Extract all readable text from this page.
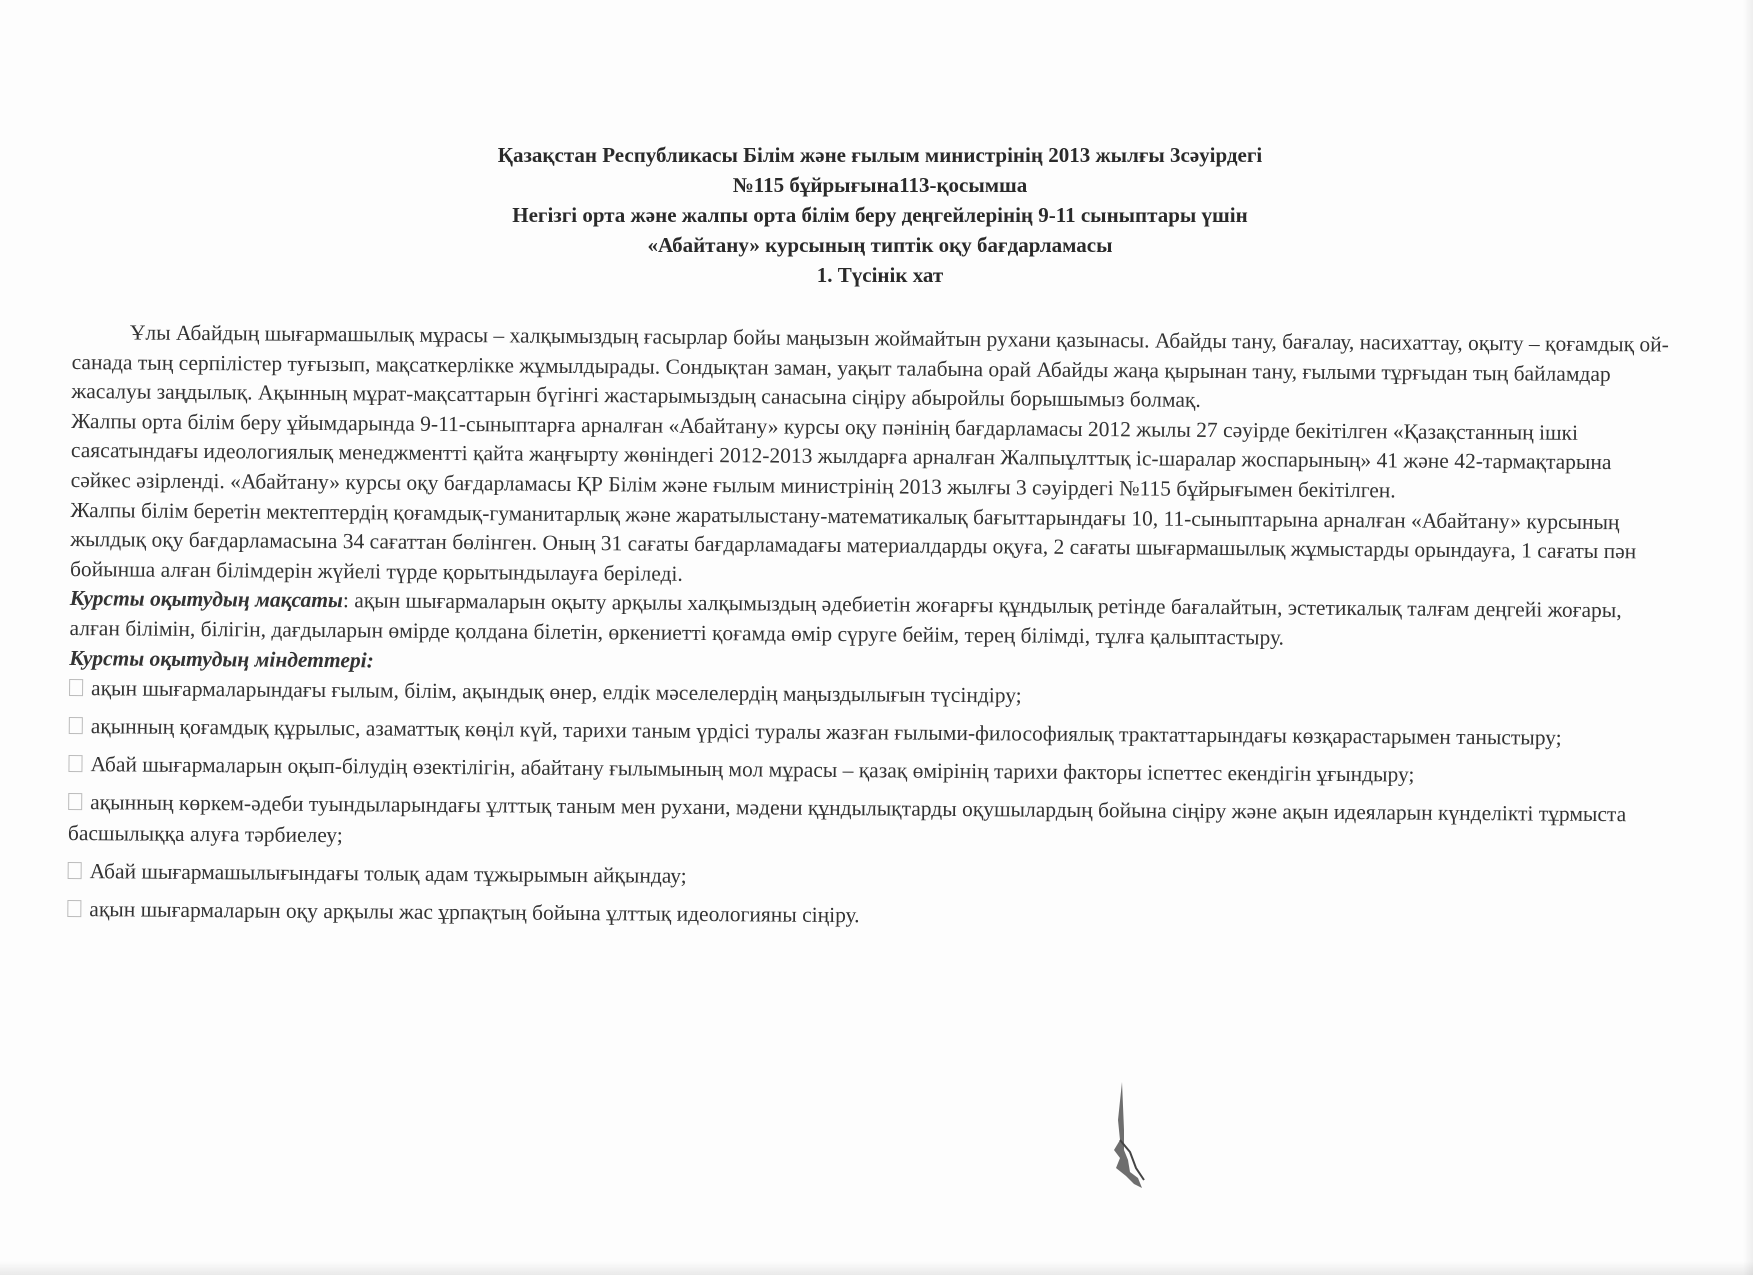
Қазақстан Республикасы Білім және ғылым министрінің 2013 жылғы 3сәуірдегі
№115 бұйрығына113-қосымша
Негізгі орта және жалпы орта білім беру деңгейлерінің 9-11 сыныптары үшін
«Абайтану» курсының типтік оқу бағдарламасы
1. Түсінік хат

Ұлы Абайдың шығармашылық мұрасы – халқымыздың ғасырлар бойы маңызын жоймайтын рухани қазынасы. Абайды тану, бағалау, насихаттау, оқыту – қоғамдық ой-санада тың серпілістер туғызып, мақсаткерлікке жұмылдырады. Сондықтан заман, уақыт талабына орай Абайды жаңа қырынан тану, ғылыми тұрғыдан тың байламдар жасалуы заңдылық. Ақынның мұрат-мақсаттарын бүгінгі жастарымыздың санасына сіңіру абыройлы борышымыз болмақ.

Жалпы орта білім беру ұйымдарында 9-11-сыныптарға арналған «Абайтану» курсы оқу пәнінің бағдарламасы 2012 жылы 27 сәуірде бекітілген «Қазақстанның ішкі саясатындағы идеологиялық менеджментті қайта жаңғырту жөніндегі 2012-2013 жылдарға арналған Жалпыұлттық іс-шаралар жоспарының» 41 және 42-тармақтарына сәйкес әзірленді. «Абайтану» курсы оқу бағдарламасы ҚР Білім және ғылым министрінің 2013 жылғы 3 сәуірдегі №115 бұйрығымен бекітілген.

Жалпы білім беретін мектептердің қоғамдық-гуманитарлық және жаратылыстану-математикалық бағыттарындағы 10, 11-сыныптарына арналған «Абайтану» курсының жылдық оқу бағдарламасына 34 сағаттан бөлінген. Оның 31 сағаты бағдарламадағы материалдарды оқуға, 2 сағаты шығармашылық жұмыстарды орындауға, 1 сағаты пән бойынша алған білімдерін жүйелі түрде қорытындылауға беріледі.

Курсты оқытудың мақсаты: ақын шығармаларын оқыту арқылы халқымыздың әдебиетін жоғарғы құндылық ретінде бағалайтын, эстетикалық талғам деңгейі жоғары, алған білімін, білігін, дағдыларын өмірде қолдана білетін, өркениетті қоғамда өмір сүруге бейім, терең білімді, тұлға қалыптастыру.

Курсты оқытудың міндеттері:

ақын шығармаларындағы ғылым, білім, ақындық өнер, елдік мәселелердің маңыздылығын түсіндіру;
ақынның қоғамдық құрылыс, азаматтық көңіл күй, тарихи таным үрдісі туралы жазған ғылыми-философиялық трактаттарындағы көзқарастарымен таныстыру;
Абай шығармаларын оқып-білудің өзектілігін, абайтану ғылымының мол мұрасы – қазақ өмірінің тарихи факторы іспеттес екендігін ұғындыру;
ақынның көркем-әдеби туындыларындағы ұлттық таным мен рухани, мәдени құндылықтарды оқушылардың бойына сіңіру және ақын идеяларын күнделікті тұрмыста басшылыққа алуға тәрбиелеу;
Абай шығармашылығындағы толық адам тұжырымын айқындау;
ақын шығармаларын оқу арқылы жас ұрпақтың бойына ұлттық идеологияны сіңіру.
